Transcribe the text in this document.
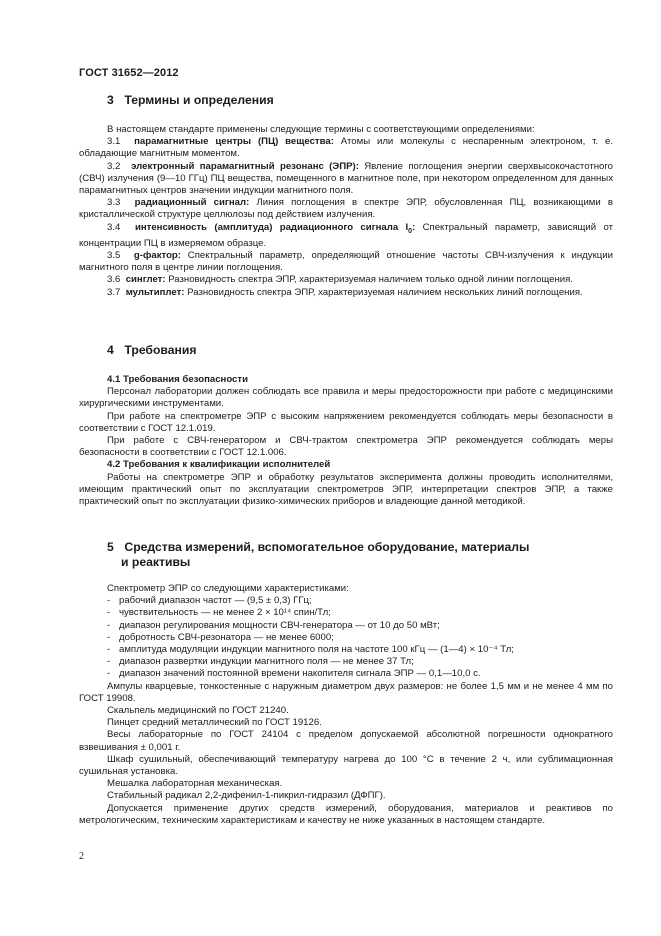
ГОСТ 31652—2012

3 Термины и определения

В настоящем стандарте применены следующие термины с соответствующими определениями:

3.1 парамагнитные центры (ПЦ) вещества: Атомы или молекулы с неспаренным электроном, т. е. обладающие магнитным моментом.

3.2 электронный парамагнитный резонанс (ЭПР): Явление поглощения энергии сверхвысокочастотного (СВЧ) излучения (9—10 ГГц) ПЦ вещества, помещенного в магнитное поле, при некотором определенном для данных парамагнитных центров значении индукции магнитного поля.

3.3 радиационный сигнал: Линия поглощения в спектре ЭПР, обусловленная ПЦ, возникающими в кристаллической структуре целлюлозы под действием излучения.

3.4 интенсивность (амплитуда) радиационного сигнала $I_0$: Спектральный параметр, зависящий от концентрации ПЦ в измеряемом образце.

3.5 g-фактор: Спектральный параметр, определяющий отношение частоты СВЧ-излучения к индукции магнитного поля в центре линии поглощения.

3.6 синглет: Разновидность спектра ЭПР, характеризуемая наличием только одной линии поглощения.

3.7 мультиплет: Разновидность спектра ЭПР, характеризуемая наличием нескольких линий поглощения.

4 Требования

4.1 Требования безопасности

Персонал лаборатории должен соблюдать все правила и меры предосторожности при работе с медицинскими хирургическими инструментами.

При работе на спектрометре ЭПР с высоким напряжением рекомендуется соблюдать меры безопасности в соответствии с ГОСТ 12.1.019.

При работе с СВЧ-генератором и СВЧ-трактом спектрометра ЭПР рекомендуется соблюдать меры безопасности в соответствии с ГОСТ 12.1.006.

4.2 Требования к квалификации исполнителей

Работы на спектрометре ЭПР и обработку результатов эксперимента должны проводить исполнителями, имеющим практический опыт по эксплуатации спектрометров ЭПР, интерпретации спектров ЭПР, а также практический опыт по эксплуатации физико-химических приборов и владеющие данной методикой.

5 Средства измерений, вспомогательное оборудование, материалы

и реактивы

Спектрометр ЭПР со следующими характеристиками:

- рабочий диапазон частот — (9,5 ± 0,3) ГГц;

- чувствительность — не менее 2 × 10¹⁴ спин/Тл;

- диапазон регулирования мощности СВЧ-генератора — от 10 до 50 мВт;

- добротность СВЧ-резонатора — не менее 6000;

- амплитуда модуляции индукции магнитного поля на частоте 100 кГц — (1—4) × 10⁻⁴ Тл;

- диапазон развертки индукции магнитного поля — не менее 37 Тл;

- диапазон значений постоянной времени накопителя сигнала ЭПР — 0,1—10,0 с.

Ампулы кварцевые, тонкостенные с наружным диаметром двух размеров: не более 1,5 мм и не менее 4 мм по ГОСТ 19908.

Скальпель медицинский по ГОСТ 21240.

Пинцет средний металлический по ГОСТ 19126.

Весы лабораторные по ГОСТ 24104 с пределом допускаемой абсолютной погрешности однократного взвешивания ± 0,001 г.

Шкаф сушильный, обеспечивающий температуру нагрева до 100 °С в течение 2 ч, или сублимационная сушильная установка.

Мешалка лабораторная механическая.

Стабильный радикал 2,2-дифенил-1-пикрил-гидразил (ДФПГ).

Допускается применение других средств измерений, оборудования, материалов и реактивов по метрологическим, техническим характеристикам и качеству не ниже указанных в настоящем стандарте.

2
